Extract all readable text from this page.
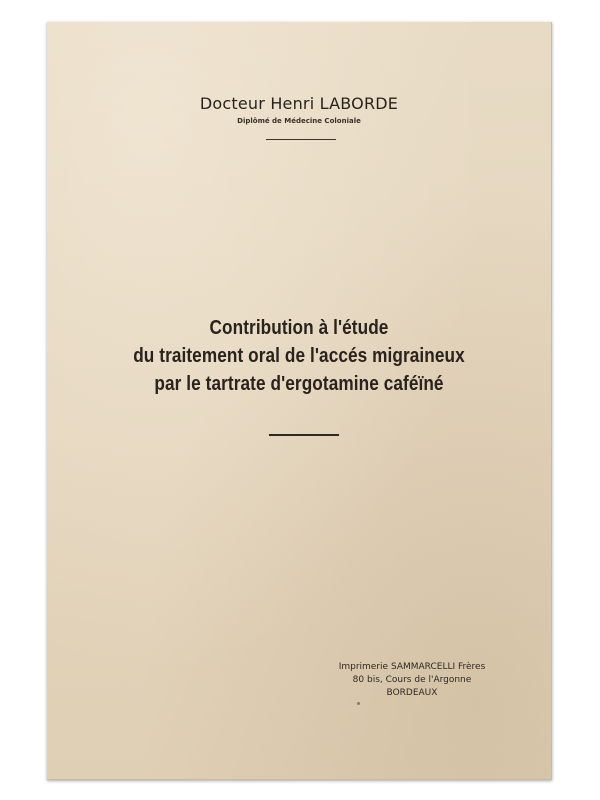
Docteur Henri LABORDE
Diplômé de Médecine Coloniale
Contribution à l'étude
du traitement oral de l'accés migraineux
par le tartrate d'ergotamine caféïné
Imprimerie SAMMARCELLI Frères
80 bis, Cours de l'Argonne
BORDEAUX
